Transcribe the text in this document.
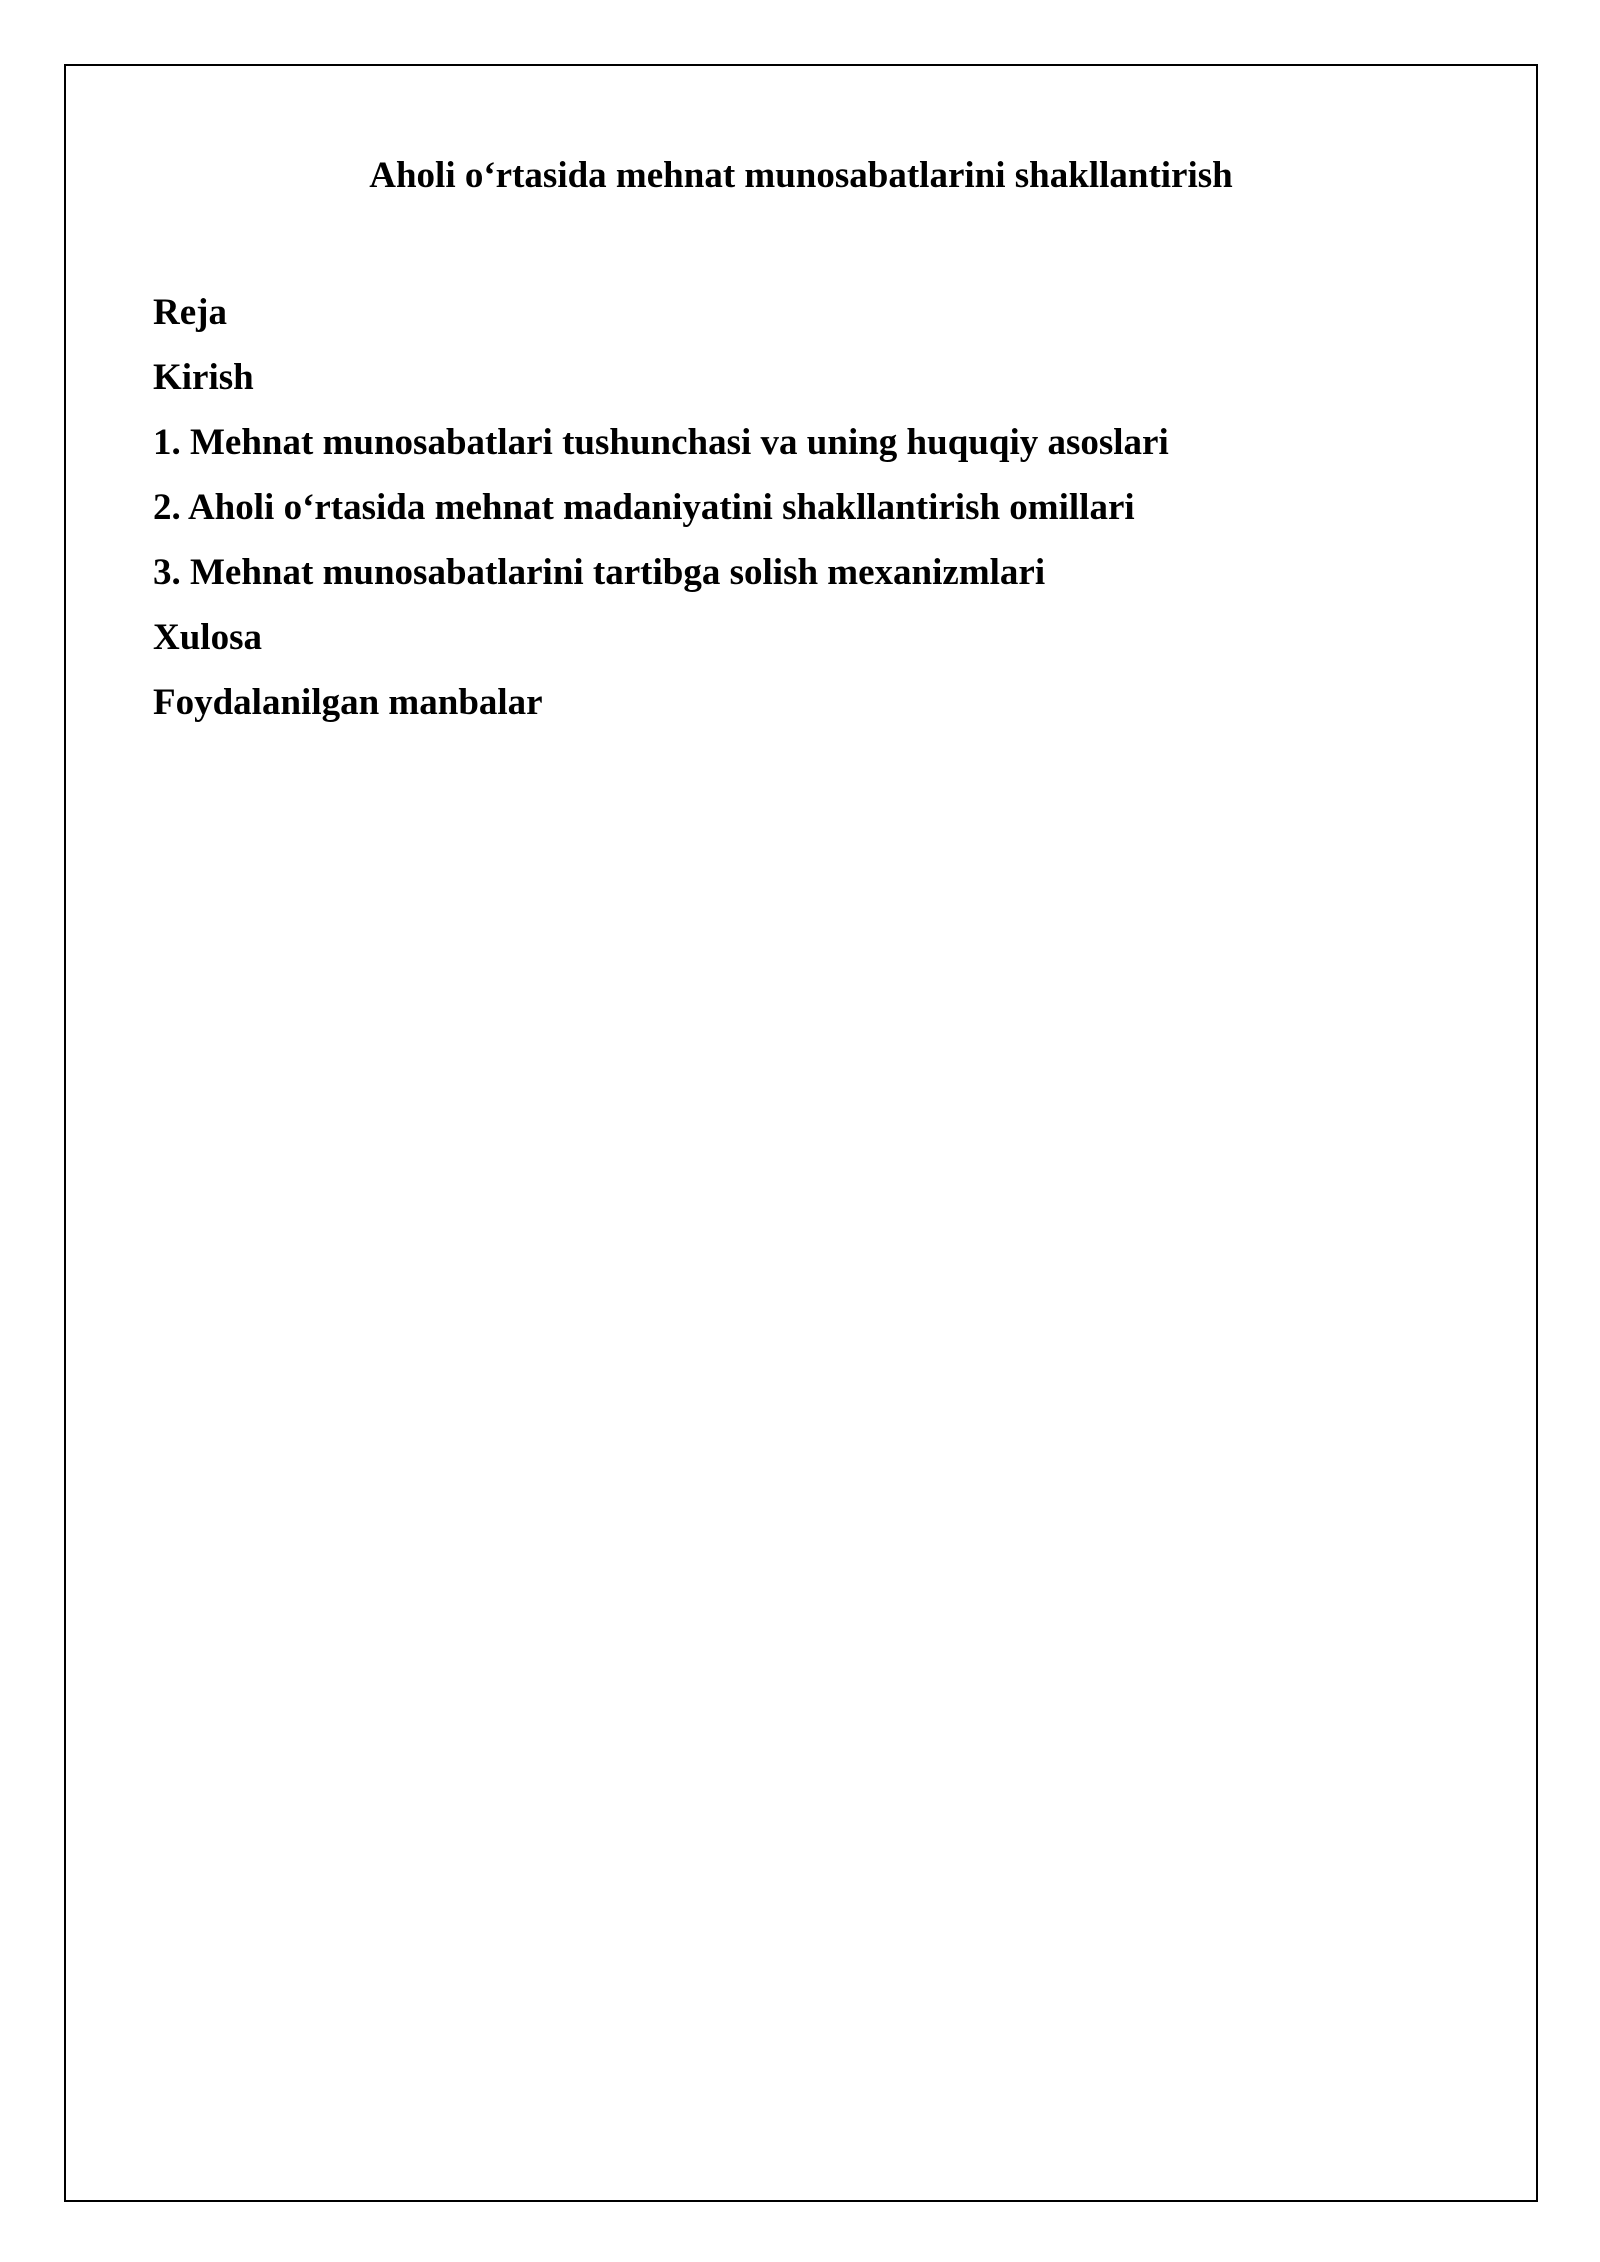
Aholi o‘rtasida mehnat munosabatlarini shakllantirish
Reja
Kirish
1. Mehnat munosabatlari tushunchasi va uning huquqiy asoslari
2. Aholi o‘rtasida mehnat madaniyatini shakllantirish omillari
3. Mehnat munosabatlarini tartibga solish mexanizmlari
Xulosa
Foydalanilgan manbalar
